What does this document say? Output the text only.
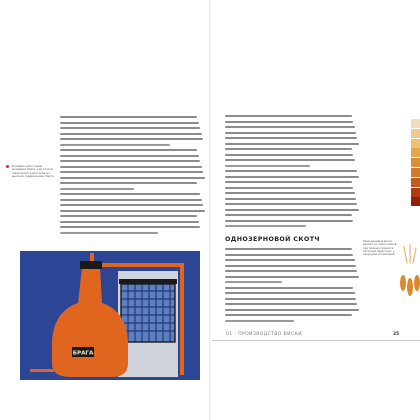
В первом кубе (слева) вызревает брага, а во втором перегоняются дистилляты с высоким содержанием спирта
БРАГА
ОДНОЗЕРНОВОЙ СКОТЧ	Однозерновые виски делают из смеси злаков, при помощи процесса поточной перегонки, с кукурузой и пшеницей.
01 · ПРОИЗВОДСТВО ВИСКИ	25
